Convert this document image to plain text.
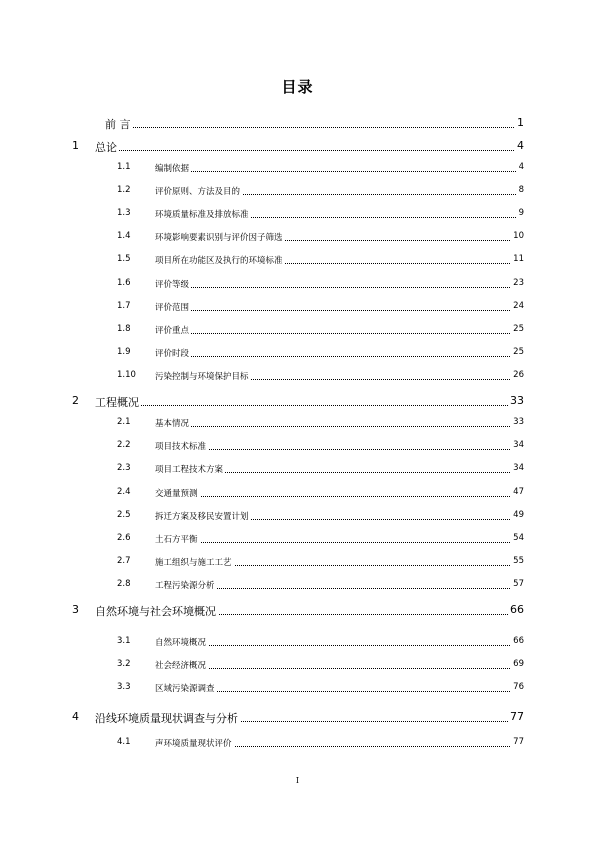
目录
前 言	1
1 总论	4
1.1	编制依据	4
1.2	评价原则、方法及目的	8
1.3	环境质量标准及排放标准	9
1.4	环境影响要素识别与评价因子筛选	10
1.5	项目所在功能区及执行的环境标准	11
1.6	评价等级	23
1.7	评价范围	24
1.8	评价重点	25
1.9	评价时段	25
1.10 污染控制与环境保护目标	26
2 工程概况	33
2.1	基本情况	33
2.2	项目技术标准	34
2.3	项目工程技术方案	34
2.4	交通量预测	47
2.5	拆迁方案及移民安置计划	49
2.6	土石方平衡	54
2.7	施工组织与施工工艺	55
2.8	工程污染源分析	57
3 自然环境与社会环境概况	66
3.1	自然环境概况	66
3.2	社会经济概况	69
3.3	区域污染源调查	76
4 沿线环境质量现状调查与分析	77
4.1	声环境质量现状评价	77
I
